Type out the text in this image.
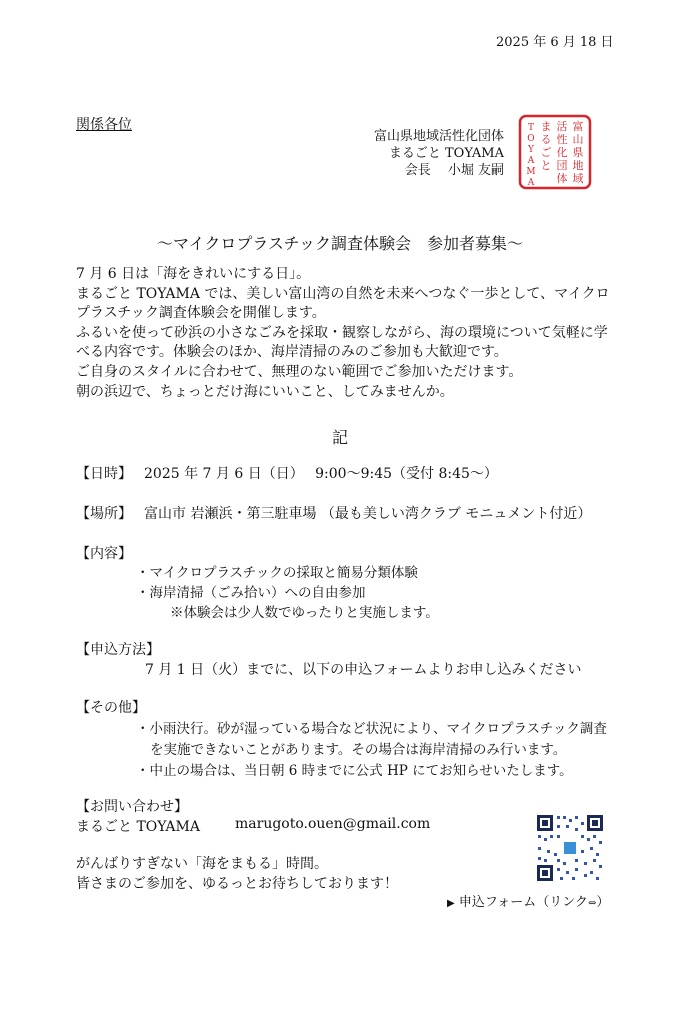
2025 年 6 月 18 日
関係各位
富山県地域活性化団体
まるごと TOYAMA
会長　 小堀 友嗣
富
山
県
地
域
活
性
化
団
体
ま
る
ご
と
T
O
Y
A
M
A
～マイクロプラスチック調査体験会　参加者募集～
7 月 6 日は「海をきれいにする日」。
まるごと TOYAMA では、美しい富山湾の自然を未来へつなぐ一歩として、マイクロ
プラスチック調査体験会を開催します。
ふるいを使って砂浜の小さなごみを採取・観察しながら、海の環境について気軽に学
べる内容です。体験会のほか、海岸清掃のみのご参加も大歓迎です。
ご自身のスタイルに合わせて、無理のない範囲でご参加いただけます。
朝の浜辺で、ちょっとだけ海にいいこと、してみませんか。
記
【日時】 2025 年 7 月 6 日（日）　 9:00～9:45（受付 8:45～）
【場所】 富山市 岩瀬浜・第三駐車場 （最も美しい湾クラブ モニュメント付近）
【内容】
・マイクロプラスチックの採取と簡易分類体験
・海岸清掃（ごみ拾い）への自由参加
※体験会は少人数でゆったりと実施します。
【申込方法】
7 月 1 日（火）までに、以下の申込フォームよりお申し込みください
【その他】
・小雨決行。砂が湿っている場合など状況により、マイクロプラスチック調査
を実施できないことがあります。その場合は海岸清掃のみ行います。
・中止の場合は、当日朝 6 時までに公式 HP にてお知らせいたします。
【お問い合わせ】
まるごと TOYAMA	marugoto.ouen@gmail.com
がんばりすぎない「海をまもる」時間。
皆さまのご参加を、ゆるっとお待ちしております！
▶ 申込フォーム（リンク⇔）
